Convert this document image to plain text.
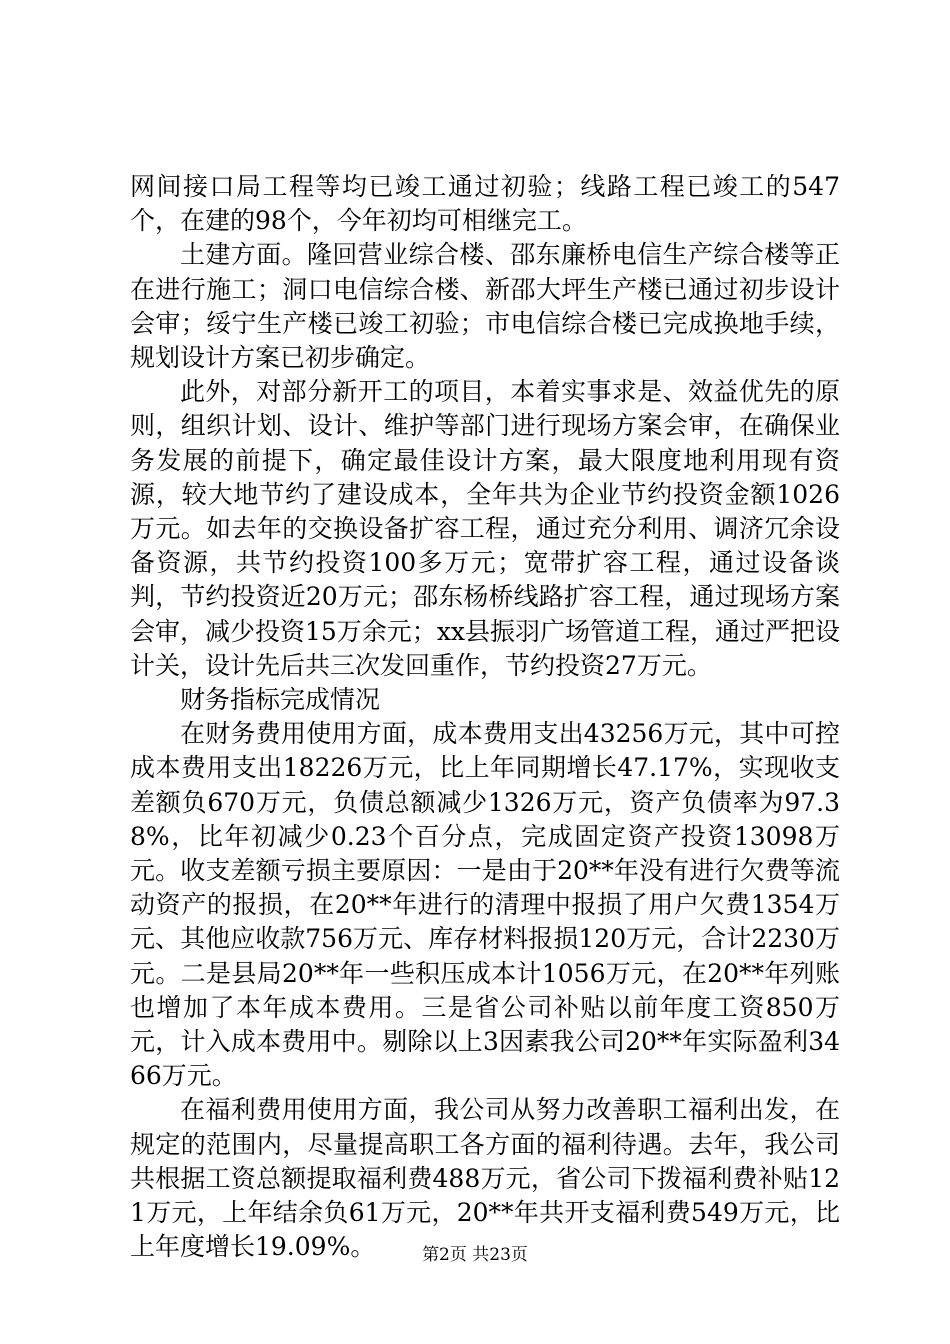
网间接口局工程等均已竣工通过初验；线路工程已竣工的547个，在建的98个，今年初均可相继完工。

土建方面。隆回营业综合楼、邵东廉桥电信生产综合楼等正在进行施工；洞口电信综合楼、新邵大坪生产楼已通过初步设计会审；绥宁生产楼已竣工初验；市电信综合楼已完成换地手续，规划设计方案已初步确定。

此外，对部分新开工的项目，本着实事求是、效益优先的原则，组织计划、设计、维护等部门进行现场方案会审，在确保业务发展的前提下，确定最佳设计方案，最大限度地利用现有资源，较大地节约了建设成本，全年共为企业节约投资金额1026万元。如去年的交换设备扩容工程，通过充分利用、调济冗余设备资源，共节约投资100多万元；宽带扩容工程，通过设备谈判，节约投资近20万元；邵东杨桥线路扩容工程，通过现场方案会审，减少投资15万余元；xx县振羽广场管道工程，通过严把设计关，设计先后共三次发回重作，节约投资27万元。

财务指标完成情况

在财务费用使用方面，成本费用支出43256万元，其中可控成本费用支出18226万元，比上年同期增长47.17%，实现收支差额负670万元，负债总额减少1326万元，资产负债率为97.38%，比年初减少0.23个百分点，完成固定资产投资13098万元。收支差额亏损主要原因：一是由于20**年没有进行欠费等流动资产的报损，在20**年进行的清理中报损了用户欠费1354万元、其他应收款756万元、库存材料报损120万元，合计2230万元。二是县局20**年一些积压成本计1056万元，在20**年列账也增加了本年成本费用。三是省公司补贴以前年度工资850万元，计入成本费用中。剔除以上3因素我公司20**年实际盈利3466万元。

在福利费用使用方面，我公司从努力改善职工福利出发，在规定的范围内，尽量提高职工各方面的福利待遇。去年，我公司共根据工资总额提取福利费488万元，省公司下拨福利费补贴121万元，上年结余负61万元，20**年共开支福利费549万元，比上年度增长19.09%。	第2页 共23页
